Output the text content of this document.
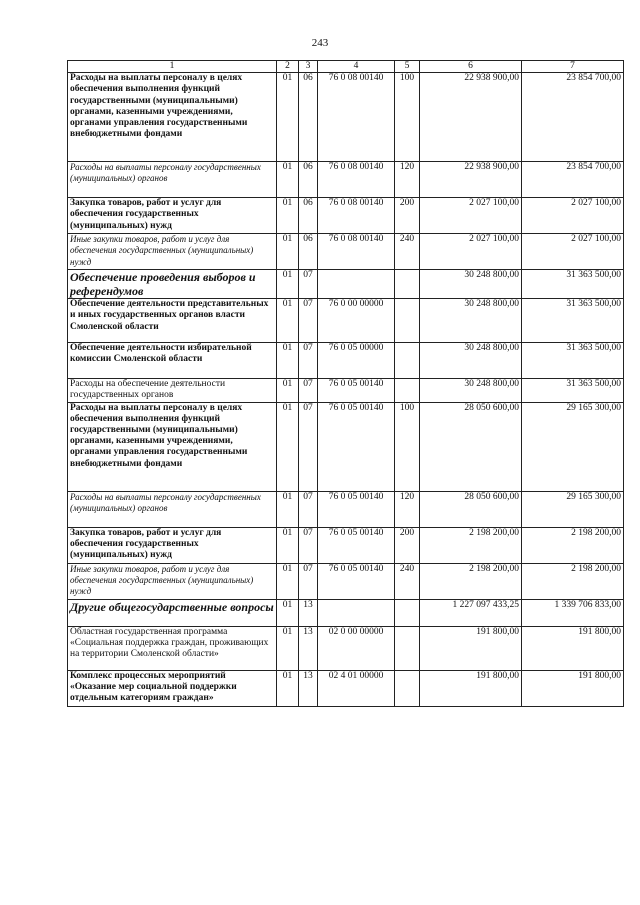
243
1	2	3	4	5	6	7
Расходы на выплаты персоналу в целях обеспечения выполнения функций государственными (муниципальными) органами, казенными учреждениями, органами управления государственными внебюджетными фондами	01	06	76 0 08 00140	100	22 938 900,00	23 854 700,00
Расходы на выплаты персоналу государственных (муниципальных) органов	01	06	76 0 08 00140	120	22 938 900,00	23 854 700,00
Закупка товаров, работ и услуг для обеспечения государственных (муниципальных) нужд	01	06	76 0 08 00140	200	2 027 100,00	2 027 100,00
Иные закупки товаров, работ и услуг для обеспечения государственных (муниципальных) нужд	01	06	76 0 08 00140	240	2 027 100,00	2 027 100,00
Обеспечение проведения выборов и референдумов	01	07			30 248 800,00	31 363 500,00
Обеспечение деятельности представительных и иных государственных органов власти Смоленской области	01	07	76 0 00 00000		30 248 800,00	31 363 500,00
Обеспечение деятельности избирательной комиссии Смоленской области	01	07	76 0 05 00000		30 248 800,00	31 363 500,00
Расходы на обеспечение деятельности государственных органов	01	07	76 0 05 00140		30 248 800,00	31 363 500,00
Расходы на выплаты персоналу в целях обеспечения выполнения функций государственными (муниципальными) органами, казенными учреждениями, органами управления государственными внебюджетными фондами	01	07	76 0 05 00140	100	28 050 600,00	29 165 300,00
Расходы на выплаты персоналу государственных (муниципальных) органов	01	07	76 0 05 00140	120	28 050 600,00	29 165 300,00
Закупка товаров, работ и услуг для обеспечения государственных (муниципальных) нужд	01	07	76 0 05 00140	200	2 198 200,00	2 198 200,00
Иные закупки товаров, работ и услуг для обеспечения государственных (муниципальных) нужд	01	07	76 0 05 00140	240	2 198 200,00	2 198 200,00
Другие общегосударственные вопросы	01	13			1 227 097 433,25	1 339 706 833,00
Областная государственная программа «Социальная поддержка граждан, проживающих на территории Смоленской области»	01	13	02 0 00 00000		191 800,00	191 800,00
Комплекс процессных мероприятий «Оказание мер социальной поддержки отдельным категориям граждан»	01	13	02 4 01 00000		191 800,00	191 800,00
